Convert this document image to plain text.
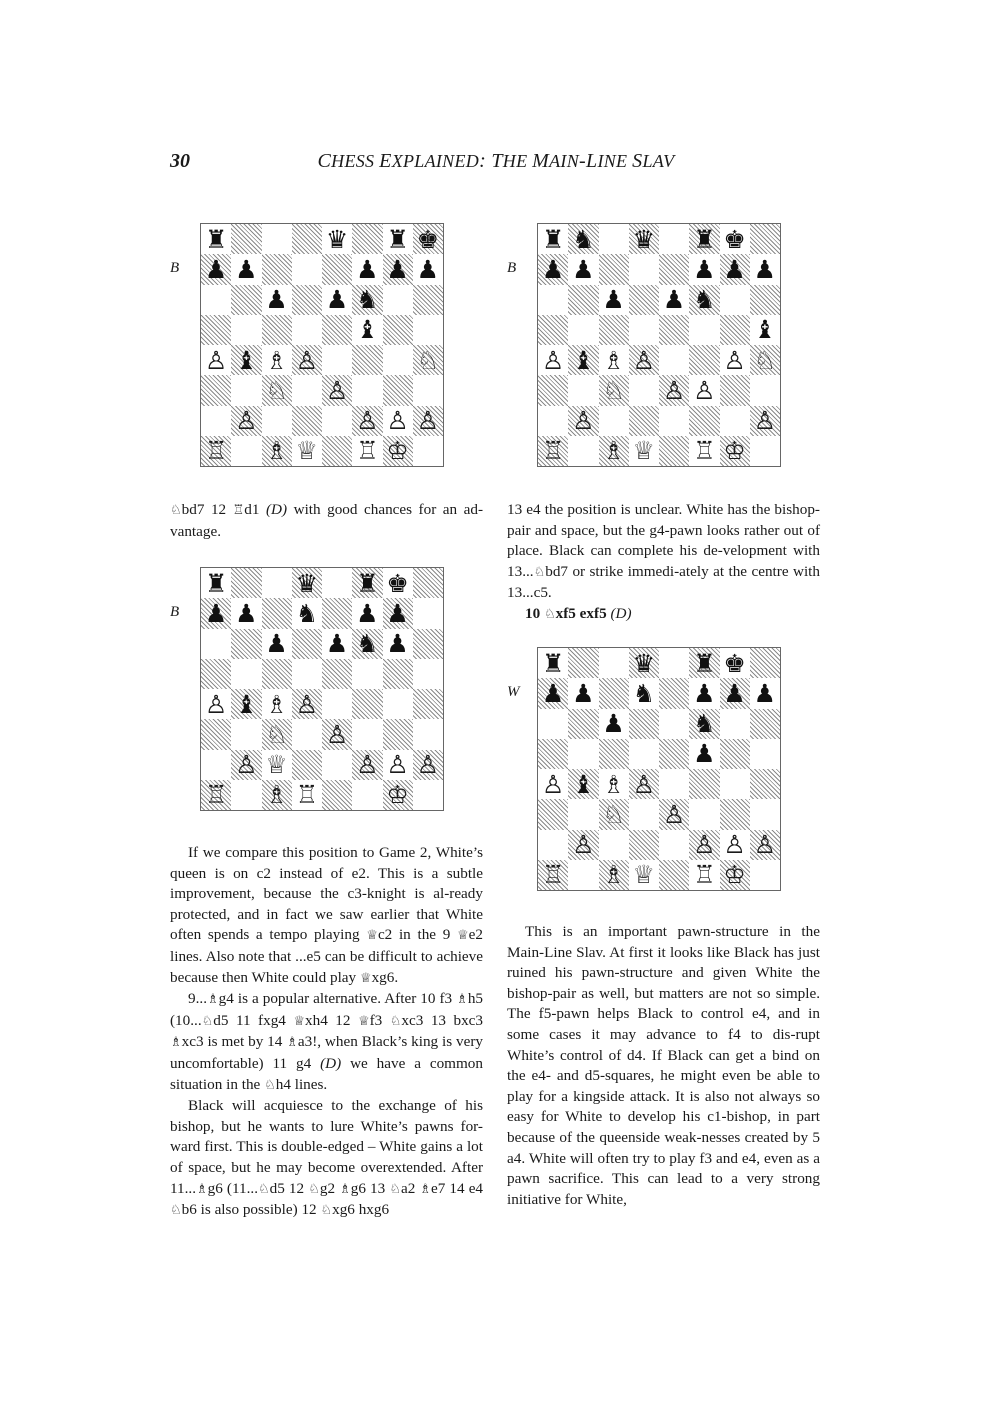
30	CHESS EXPLAINED: THE MAIN-LINE SLAV
B
♜	♛ ♜ ♚
♟ ♟	♟ ♟ ♟
♟ ♟ ♞
♝
♙ ♝ ♗ ♙	♘
♘ ♙
♙	♙ ♙ ♙
♖ ♗ ♕ ♖ ♔
B
♜ ♞ ♛ ♜ ♚
♟ ♟	♟ ♟ ♟
♟ ♟ ♞
♝
♙ ♝ ♗ ♙	♙ ♘
♘ ♙ ♙
♙	♙
♖ ♗ ♕ ♖ ♔
B
♜	♛ ♜ ♚
♟ ♟ ♞ ♟ ♟
♟ ♟ ♞ ♟
♙ ♝ ♗ ♙
♘ ♙
♙ ♕	♙ ♙ ♙
♖ ♗ ♖	♔
W
♜	♛ ♜ ♚
♟ ♟ ♞ ♟ ♟ ♟
♟	♞
♟
♙ ♝ ♗ ♙
♘ ♙
♙	♙ ♙ ♙
♖ ♗ ♕ ♖ ♔

♘bd7 12 ♖d1 (D) with good chances for an ad-vantage.

If we compare this position to Game 2, White’s queen is on c2 instead of e2. This is a subtle improvement, because the c3-knight is al-ready protected, and in fact we saw earlier that White often spends a tempo playing ♕c2 in the 9 ♕e2 lines. Also note that ...e5 can be difficult to achieve because then White could play ♕xg6.

9...♗g4 is a popular alternative. After 10 f3 ♗h5 (10...♘d5 11 fxg4 ♕xh4 12 ♕f3 ♘xc3 13 bxc3 ♗xc3 is met by 14 ♗a3!, when Black’s king is very uncomfortable) 11 g4 (D) we have a common situation in the ♘h4 lines.

Black will acquiesce to the exchange of his bishop, but he wants to lure White’s pawns for-ward first. This is double-edged – White gains a lot of space, but he may become overextended. After 11...♗g6 (11...♘d5 12 ♘g2 ♗g6 13 ♘a2 ♗e7 14 e4 ♘b6 is also possible) 12 ♘xg6 hxg6

13 e4 the position is unclear. White has the bishop-pair and space, but the g4-pawn looks rather out of place. Black can complete his de-velopment with 13...♘bd7 or strike immedi-ately at the centre with 13...c5.

10 ♘xf5 exf5 (D)

This is an important pawn-structure in the Main-Line Slav. At first it looks like Black has just ruined his pawn-structure and given White the bishop-pair as well, but matters are not so simple. The f5-pawn helps Black to control e4, and in some cases it may advance to f4 to dis-rupt White’s control of d4. If Black can get a bind on the e4- and d5-squares, he might even be able to play for a kingside attack. It is also not always so easy for White to develop his c1-bishop, in part because of the queenside weak-nesses created by 5 a4. White will often try to play f3 and e4, even as a pawn sacrifice. This can lead to a very strong initiative for White,
